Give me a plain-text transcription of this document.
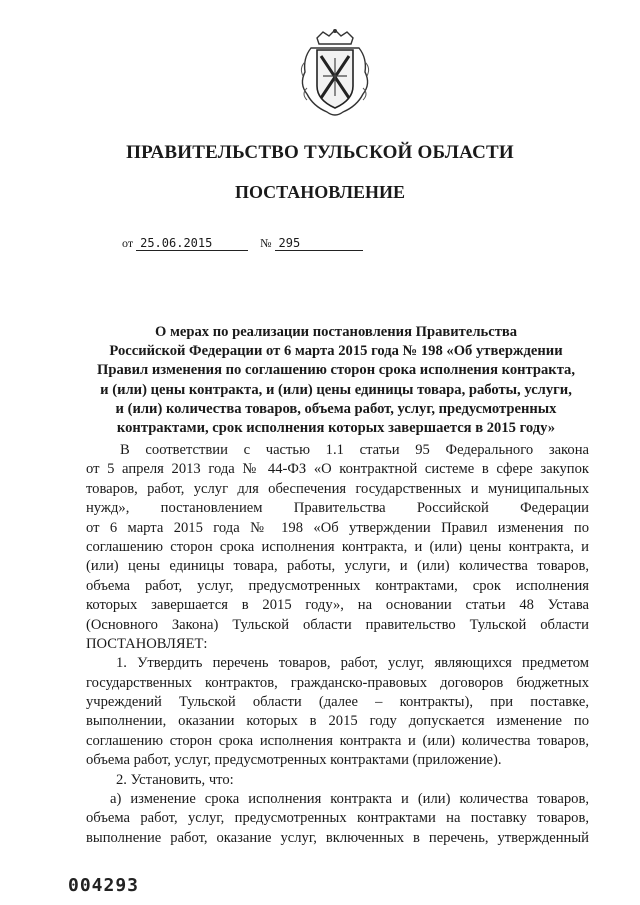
ПРАВИТЕЛЬСТВО ТУЛЬСКОЙ ОБЛАСТИ
ПОСТАНОВЛЕНИЕ
от 25.06.2015	№ 295
О мерах по реализации постановления Правительства
Российской Федерации от 6 марта 2015 года № 198 «Об утверждении
Правил изменения по соглашению сторон срока исполнения контракта,
и (или) цены контракта, и (или) цены единицы товара, работы, услуги,
и (или) количества товаров, объема работ, услуг, предусмотренных
контрактами, срок исполнения которых завершается в 2015 году»
В соответствии с частью 1.1 статьи 95 Федерального закона
от 5 апреля 2013 года № 44-ФЗ «О контрактной системе в сфере закупок
товаров, работ, услуг для обеспечения государственных и муниципальных
нужд», постановлением Правительства Российской Федерации
от 6 марта 2015 года № 198 «Об утверждении Правил изменения по
соглашению сторон срока исполнения контракта, и (или) цены контракта, и
(или) цены единицы товара, работы, услуги, и (или) количества товаров,
объема работ, услуг, предусмотренных контрактами, срок исполнения
которых завершается в 2015 году», на основании статьи 48 Устава
(Основного Закона) Тульской области правительство Тульской области
ПОСТАНОВЛЯЕТ:
1. Утвердить перечень товаров, работ, услуг, являющихся предметом
государственных контрактов, гражданско-правовых договоров бюджетных
учреждений Тульской области (далее – контракты), при поставке,
выполнении, оказании которых в 2015 году допускается изменение по
соглашению сторон срока исполнения контракта и (или) количества товаров,
объема работ, услуг, предусмотренных контрактами (приложение).
2. Установить, что:
а) изменение срока исполнения контракта и (или) количества товаров,
объема работ, услуг, предусмотренных контрактами на поставку товаров,
выполнение работ, оказание услуг, включенных в перечень, утвержденный
004293
